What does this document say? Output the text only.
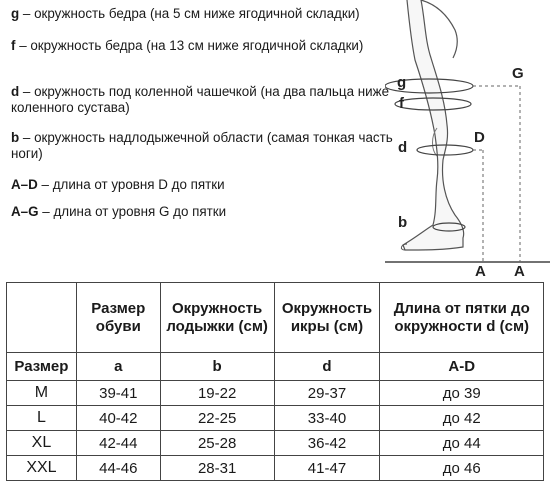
g – окружность бедра (на 5 см ниже ягодичной складки)
f – окружность бедра (на 13 см ниже ягодичной складки)
d – окружность под коленной чашечкой (на два пальца ниже коленного сустава)
b – окружность надлодыжечной области (самая тонкая часть ноги)
A–D – длина от уровня D до пятки
A–G – длина от уровня G до пятки
g
f
d
b
G
D
A A
	Размер обуви	Окружность лодыжки (см)	Окружность икры (см)	Длина от пятки до окружности d (см)
Размер	a	b	d	A-D
M	39-41	19-22	29-37	до 39
L	40-42	22-25	33-40	до 42
XL	42-44	25-28	36-42	до 44
XXL	44-46	28-31	41-47	до 46
